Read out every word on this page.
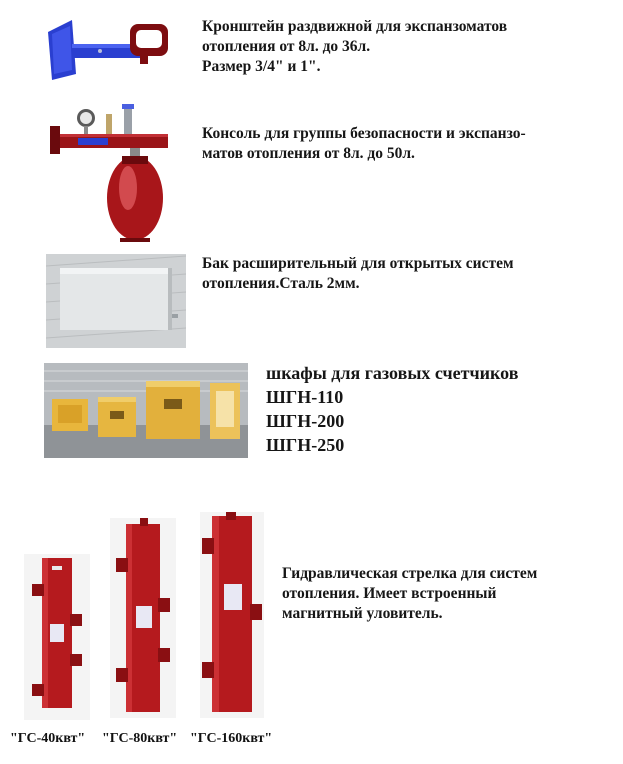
Кронштейн раздвижной для экспанзоматов
отопления от 8л. до 36л.
Размер 3/4" и 1".
Консоль для группы безопасности и экспанзо-
матов отопления от 8л. до 50л.
Бак расширительный для открытых систем
отопления.Сталь 2мм.
шкафы для газовых счетчиков
ШГН-110
ШГН-200
ШГН-250
Гидравлическая стрелка для систем
отопления. Имеет встроенный
магнитный уловитель.
"ГС-40квт" "ГС-80квт" "ГС-160квт"
